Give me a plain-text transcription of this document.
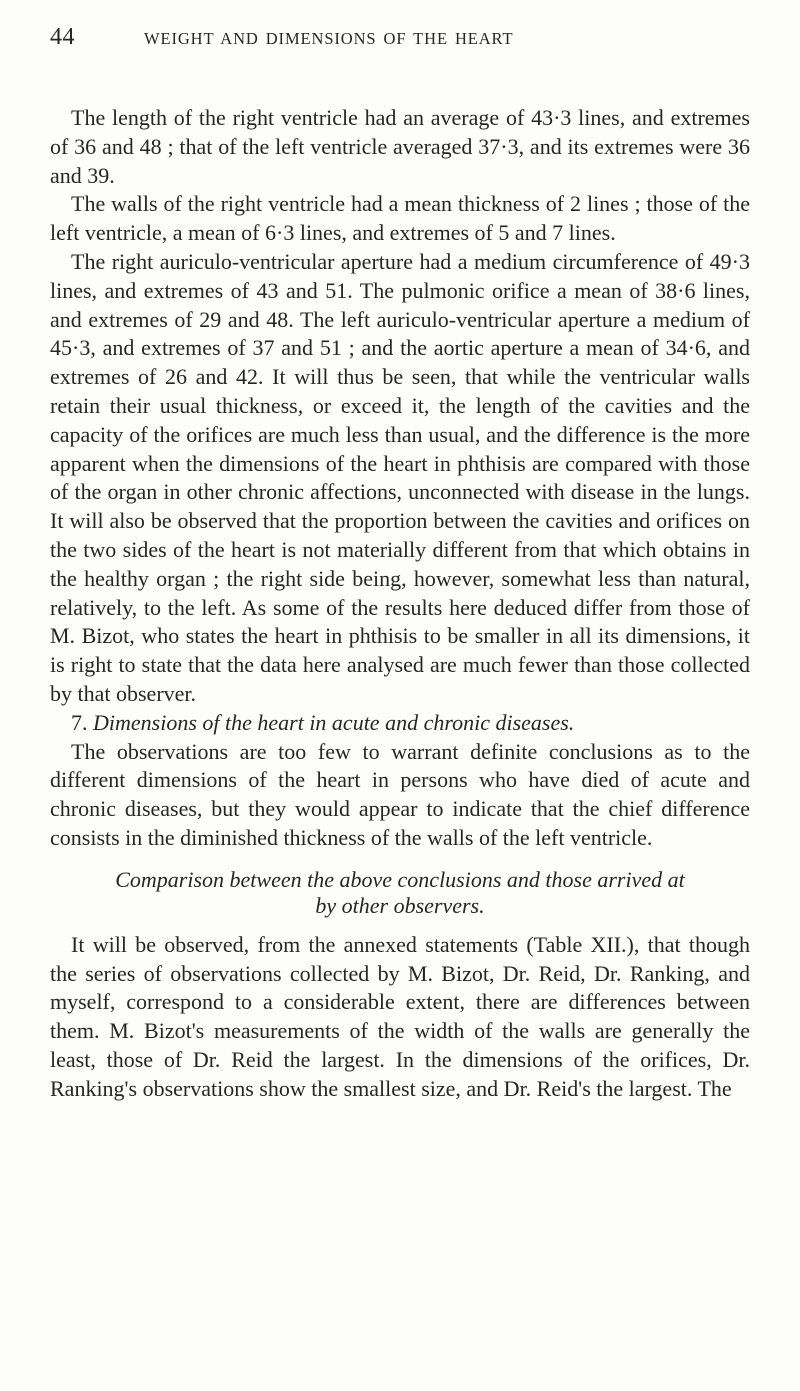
44	WEIGHT AND DIMENSIONS OF THE HEART

The length of the right ventricle had an average of 43·3 lines, and extremes of 36 and 48 ; that of the left ventricle averaged 37·3, and its extremes were 36 and 39.

The walls of the right ventricle had a mean thickness of 2 lines ; those of the left ventricle, a mean of 6·3 lines, and extremes of 5 and 7 lines.

The right auriculo-ventricular aperture had a medium circumference of 49·3 lines, and extremes of 43 and 51. The pulmonic orifice a mean of 38·6 lines, and extremes of 29 and 48. The left auriculo-ventricular aperture a medium of 45·3, and extremes of 37 and 51 ; and the aortic aperture a mean of 34·6, and extremes of 26 and 42. It will thus be seen, that while the ventricular walls retain their usual thickness, or exceed it, the length of the cavities and the capacity of the orifices are much less than usual, and the difference is the more apparent when the dimensions of the heart in phthisis are compared with those of the organ in other chronic affections, unconnected with disease in the lungs. It will also be observed that the proportion between the cavities and orifices on the two sides of the heart is not materially different from that which obtains in the healthy organ ; the right side being, however, somewhat less than natural, relatively, to the left. As some of the results here deduced differ from those of M. Bizot, who states the heart in phthisis to be smaller in all its dimensions, it is right to state that the data here analysed are much fewer than those collected by that observer.

7. Dimensions of the heart in acute and chronic diseases.

The observations are too few to warrant definite conclusions as to the different dimensions of the heart in persons who have died of acute and chronic diseases, but they would appear to indicate that the chief difference consists in the diminished thickness of the walls of the left ventricle.

Comparison between the above conclusions and those arrived at by other observers.

It will be observed, from the annexed statements (Table XII.), that though the series of observations collected by M. Bizot, Dr. Reid, Dr. Ranking, and myself, correspond to a considerable extent, there are differences between them. M. Bizot's measurements of the width of the walls are generally the least, those of Dr. Reid the largest. In the dimensions of the orifices, Dr. Ranking's observations show the smallest size, and Dr. Reid's the largest. The
